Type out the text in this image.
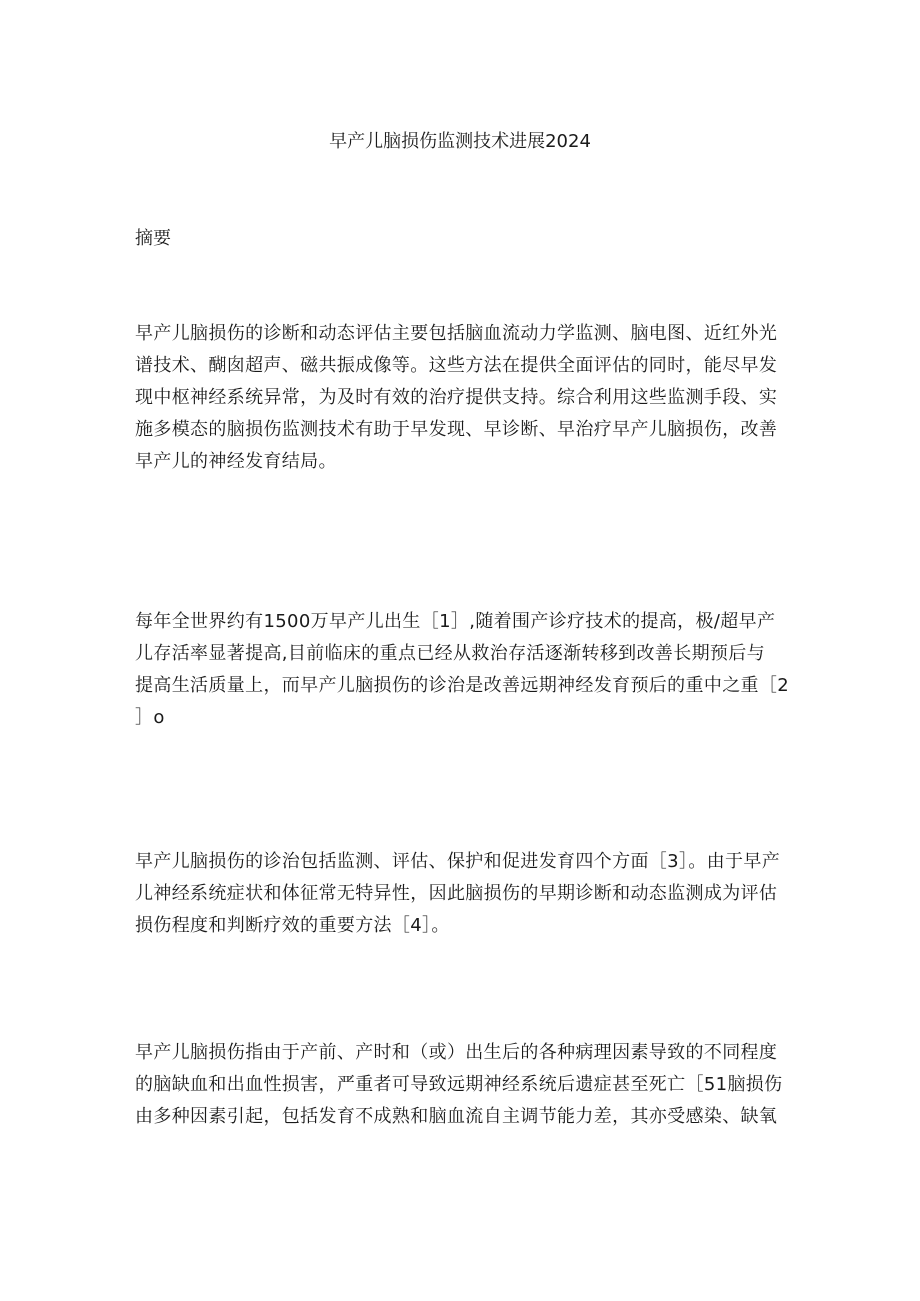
早产儿脑损伤监测技术进展2024
摘要
早产儿脑损伤的诊断和动态评估主要包括脑血流动力学监测、脑电图、近红外光
谱技术、醐囱超声、磁共振成像等。这些方法在提供全面评估的同时，能尽早发
现中枢神经系统异常，为及时有效的治疗提供支持。综合利用这些监测手段、实
施多模态的脑损伤监测技术有助于早发现、早诊断、早治疗早产儿脑损伤，改善
早产儿的神经发育结局。
每年全世界约有1500万早产儿出生［1］,随着围产诊疗技术的提高，极/超早产
儿存活率显著提高,目前临床的重点已经从救治存活逐渐转移到改善长期预后与
提高生活质量上，而早产儿脑损伤的诊治是改善远期神经发育预后的重中之重［2
］o
早产儿脑损伤的诊治包括监测、评估、保护和促进发育四个方面［3］。由于早产
儿神经系统症状和体征常无特异性，因此脑损伤的早期诊断和动态监测成为评估
损伤程度和判断疗效的重要方法［4］。
早产儿脑损伤指由于产前、产时和（或）出生后的各种病理因素导致的不同程度
的脑缺血和出血性损害，严重者可导致远期神经系统后遗症甚至死亡［51脑损伤
由多种因素引起，包括发育不成熟和脑血流自主调节能力差，其亦受感染、缺氧
